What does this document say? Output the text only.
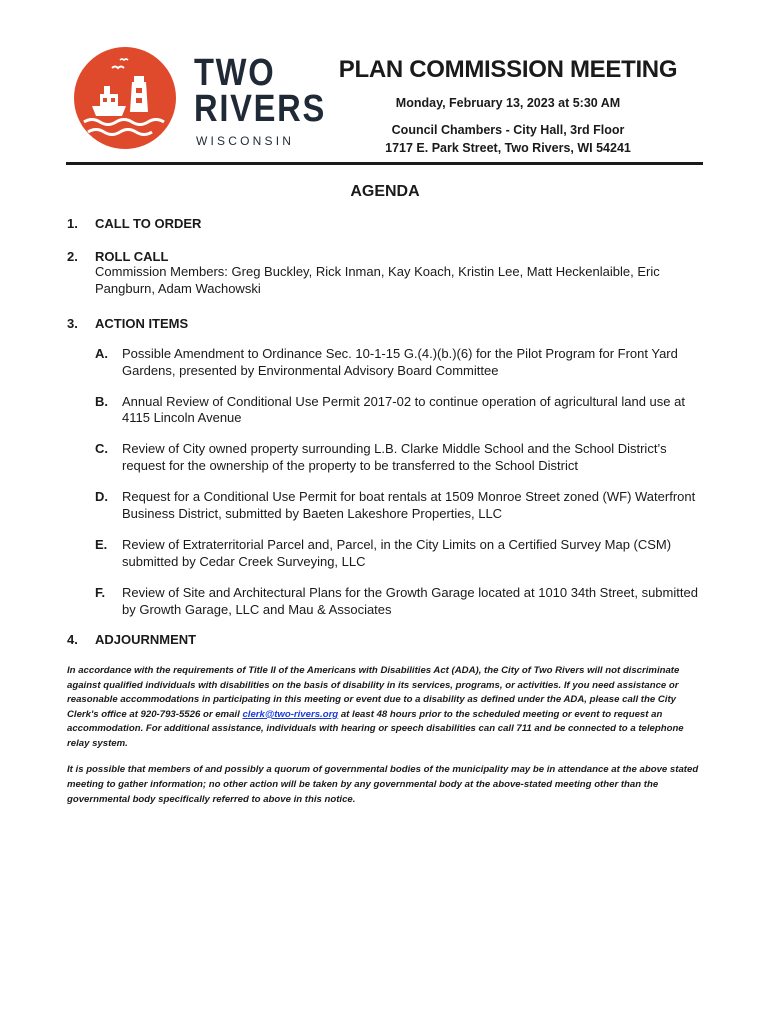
TWO
RIVERS
WISCONSIN
PLAN COMMISSION MEETING

Monday, February 13, 2023 at 5:30 AM

Council Chambers - City Hall, 3rd Floor

1717 E. Park Street, Two Rivers, WI 54241

AGENDA
1. CALL TO ORDER
2. ROLL CALL
Commission Members: Greg Buckley, Rick Inman, Kay Koach, Kristin Lee, Matt Heckenlaible, Eric Pangburn, Adam Wachowski
3. ACTION ITEMS
A. Possible Amendment to Ordinance Sec. 10-1-15 G.(4.)(b.)(6) for the Pilot Program for Front Yard Gardens, presented by Environmental Advisory Board Committee
B. Annual Review of Conditional Use Permit 2017-02 to continue operation of agricultural land use at 4115 Lincoln Avenue
C. Review of City owned property surrounding L.B. Clarke Middle School and the School District’s request for the ownership of the property to be transferred to the School District
D. Request for a Conditional Use Permit for boat rentals at 1509 Monroe Street zoned (WF) Waterfront Business District, submitted by Baeten Lakeshore Properties, LLC
E. Review of Extraterritorial Parcel and, Parcel, in the City Limits on a Certified Survey Map (CSM) submitted by Cedar Creek Surveying, LLC
F. Review of Site and Architectural Plans for the Growth Garage located at 1010 34th Street, submitted by Growth Garage, LLC and Mau & Associates
4. ADJOURNMENT

In accordance with the requirements of Title II of the Americans with Disabilities Act (ADA), the City of Two Rivers will not discriminate against qualified individuals with disabilities on the basis of disability in its services, programs, or activities. If you need assistance or reasonable accommodations in participating in this meeting or event due to a disability as defined under the ADA, please call the City Clerk's office at 920-793-5526 or email clerk@two-rivers.org at least 48 hours prior to the scheduled meeting or event to request an accommodation. For additional assistance, individuals with hearing or speech disabilities can call 711 and be connected to a telephone relay system.

It is possible that members of and possibly a quorum of governmental bodies of the municipality may be in attendance at the above stated meeting to gather information; no other action will be taken by any governmental body at the above-stated meeting other than the governmental body specifically referred to above in this notice.
